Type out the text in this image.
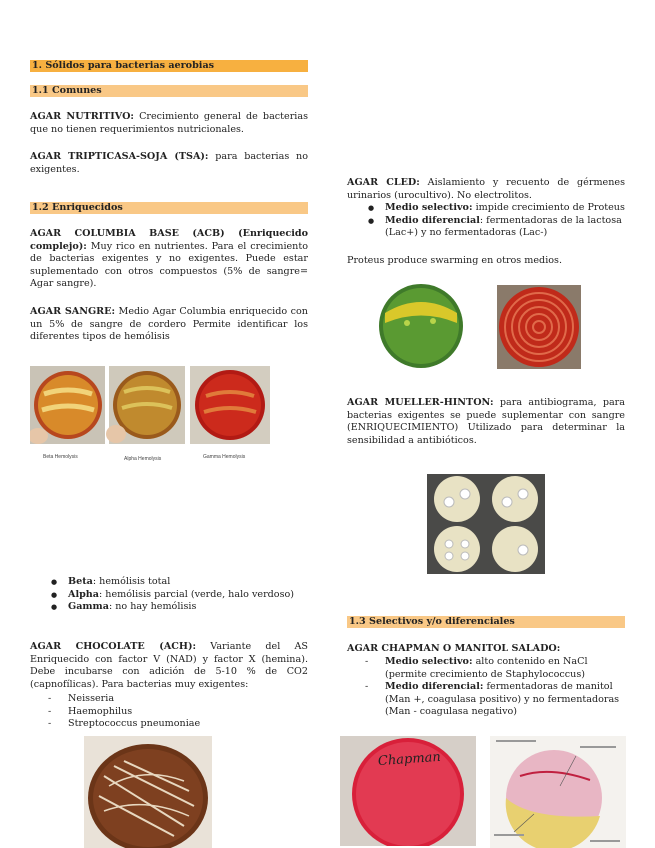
1. Sólidos para bacterias aerobias
1.1 Comunes

AGAR NUTRITIVO: Crecimiento general de bacterias que no tienen requerimientos nutricionales.

AGAR TRIPTICASA-SOJA (TSA): para bacterias no exigentes.

1.2 Enriquecidos

AGAR COLUMBIA BASE (ACB) (Enriquecido complejo): Muy rico en nutrientes. Para el crecimiento de bacterias exigentes y no exigentes. Puede estar suplementado con otros compuestos (5% de sangre= Agar sangre).

AGAR SANGRE: Medio Agar Columbia enriquecido con un 5% de sangre de cordero Permite identificar los diferentes tipos de hemólisis

Beta Hemolysis	Alpha Hemolysis	Gamma Hemolysis
● Beta: hemólisis total
● Alpha: hemólisis parcial (verde, halo verdoso)
● Gamma: no hay hemólisis

AGAR CHOCOLATE (ACH): Variante del AS Enriquecido con factor V (NAD) y factor X (hemina). Debe incubarse con adición de 5-10 % de CO2 (capnofílicas). Para bacterias muy exigentes:

- Neisseria
- Haemophilus
- Streptococcus pneumoniae

AGAR CLED: Aislamiento y recuento de gérmenes urinarios (urocultivo). No electrolitos.

● Medio selectivo: impide crecimiento de Proteus
● Medio diferencial: fermentadoras de la lactosa (Lac+) y no fermentadoras (Lac-)

Proteus produce swarming en otros medios.

AGAR MUELLER-HINTON: para antibiograma, para bacterias exigentes se puede suplementar con sangre (ENRIQUECIMIENTO) Utilizado para determinar la sensibilidad a antibióticos.

1.3 Selectivos y/o diferenciales

AGAR CHAPMAN O MANITOL SALADO:

- Medio selectivo: alto contenido en NaCl (permite crecimiento de Staphylococcus)
- Medio diferencial: fermentadoras de manitol (Man +, coagulasa positivo) y no fermentadoras (Man - coagulasa negativo)
Chapman
